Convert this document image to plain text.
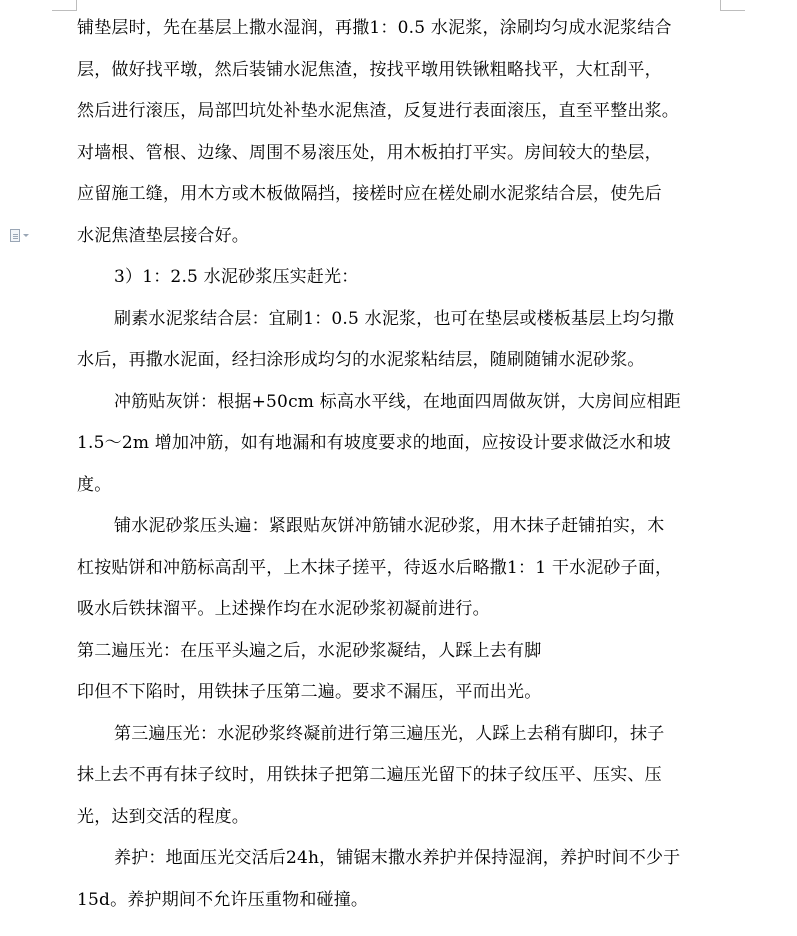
铺垫层时，先在基层上撒水湿润，再撒1：0.5 水泥浆，涂刷均匀成水泥浆结合
层，做好找平墩，然后装铺水泥焦渣，按找平墩用铁锹粗略找平，大杠刮平，
然后进行滚压，局部凹坑处补垫水泥焦渣，反复进行表面滚压，直至平整出浆。
对墙根、管根、边缘、周围不易滚压处，用木板拍打平实。房间较大的垫层，
应留施工缝，用木方或木板做隔挡，接槎时应在槎处刷水泥浆结合层，使先后
水泥焦渣垫层接合好。
3）1：2.5 水泥砂浆压实赶光：
刷素水泥浆结合层：宜刷1：0.5 水泥浆，也可在垫层或楼板基层上均匀撒
水后，再撒水泥面，经扫涂形成均匀的水泥浆粘结层，随刷随铺水泥砂浆。
冲筋贴灰饼：根据+50cm 标高水平线，在地面四周做灰饼，大房间应相距
1.5～2m 增加冲筋，如有地漏和有坡度要求的地面，应按设计要求做泛水和坡
度。
铺水泥砂浆压头遍：紧跟贴灰饼冲筋铺水泥砂浆，用木抹子赶铺拍实，木
杠按贴饼和冲筋标高刮平，上木抹子搓平，待返水后略撒1：1 干水泥砂子面，
吸水后铁抹溜平。上述操作均在水泥砂浆初凝前进行。
第二遍压光：在压平头遍之后，水泥砂浆凝结，人踩上去有脚
印但不下陷时，用铁抹子压第二遍。要求不漏压，平而出光。
第三遍压光：水泥砂浆终凝前进行第三遍压光，人踩上去稍有脚印，抹子
抹上去不再有抹子纹时，用铁抹子把第二遍压光留下的抹子纹压平、压实、压
光，达到交活的程度。
养护：地面压光交活后24h，铺锯末撒水养护并保持湿润，养护时间不少于
15d。养护期间不允许压重物和碰撞。
